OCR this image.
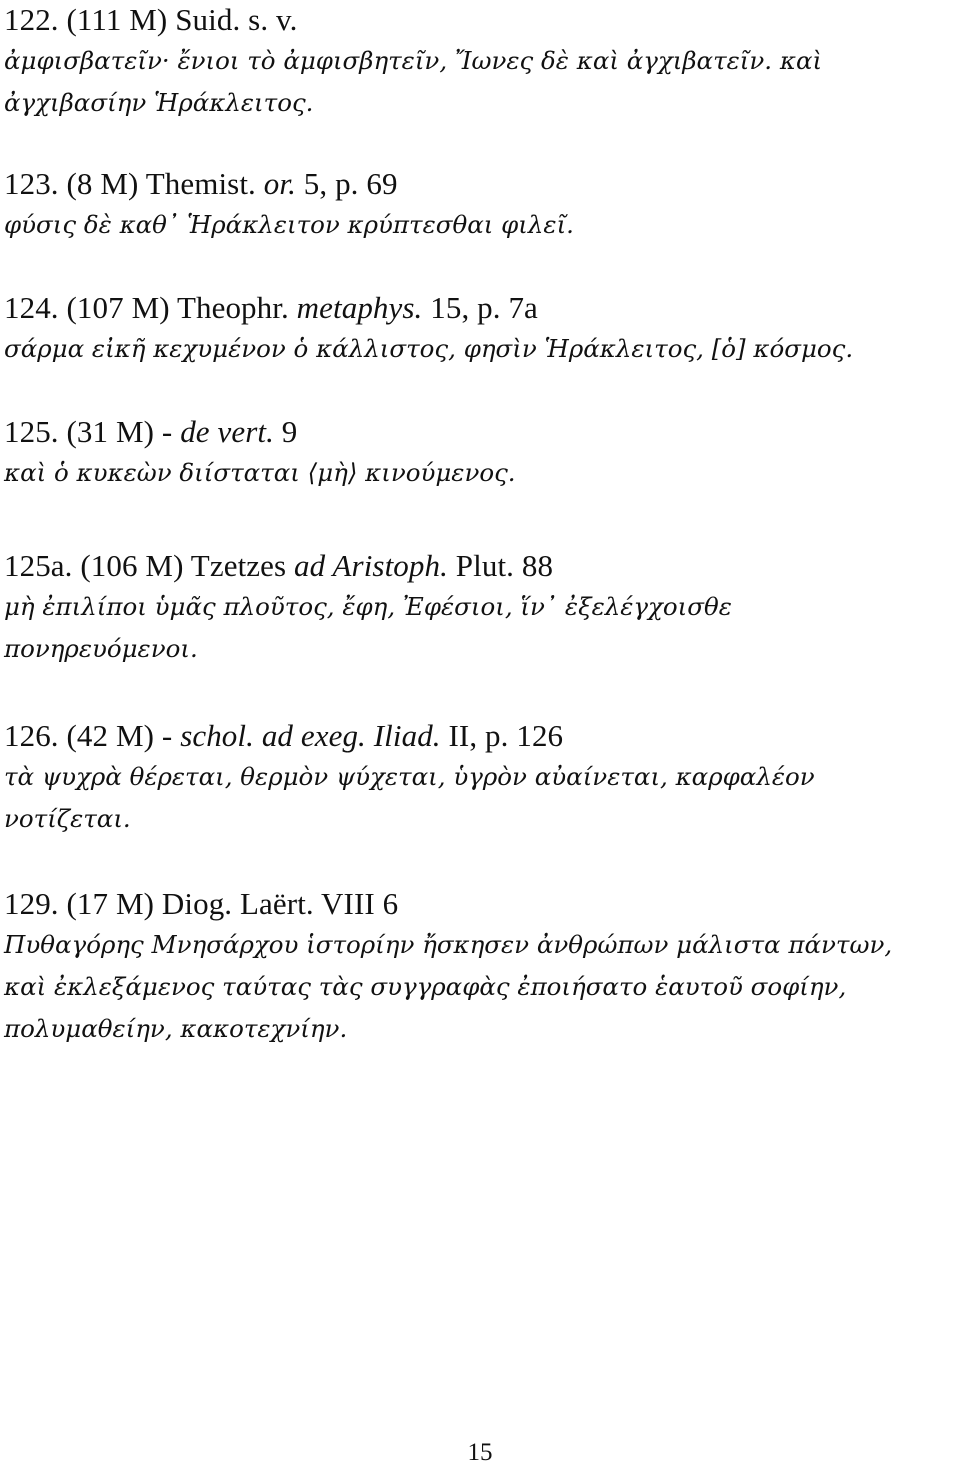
122. (111 M) Suid. s. v.
ἀμφισβατεῖν· ἔνιοι τὸ ἀμφισβητεῖν, Ἴωνες δὲ καὶ ἀγχιβατεῖν. καὶ
ἀγχιβασίην Ἡράκλειτος.
123. (8 M) Themist. or. 5, p. 69
φύσις δὲ καθ᾽ Ἡράκλειτον κρύπτεσθαι φιλεῖ.
124. (107 M) Theophr. metaphys. 15, p. 7a
σάρμα εἰκῆ κεχυμένον ὁ κάλλιστος, φησὶν Ἡράκλειτος, [ὁ] κόσμος.
125. (31 M) - de vert. 9
καὶ ὁ κυκεὼν διίσταται ⟨μὴ⟩ κινούμενος.
125a. (106 M) Tzetzes ad Aristoph. Plut. 88
μὴ ἐπιλίποι ὑμᾶς πλοῦτος, ἔφη, Ἐφέσιοι, ἵν᾽ ἐξελέγχοισθε
πονηρευόμενοι.
126. (42 M) - schol. ad exeg. Iliad. II, p. 126
τὰ ψυχρὰ θέρεται, θερμὸν ψύχεται, ὑγρὸν αὐαίνεται, καρφαλέον
νοτίζεται.
129. (17 M) Diog. Laërt. VIII 6
Πυθαγόρης Μνησάρχου ἱστορίην ἤσκησεν ἀνθρώπων μάλιστα πάντων,
καὶ ἐκλεξάμενος ταύτας τὰς συγγραφὰς ἐποιήσατο ἑαυτοῦ σοφίην,
πολυμαθείην, κακοτεχνίην.
15
